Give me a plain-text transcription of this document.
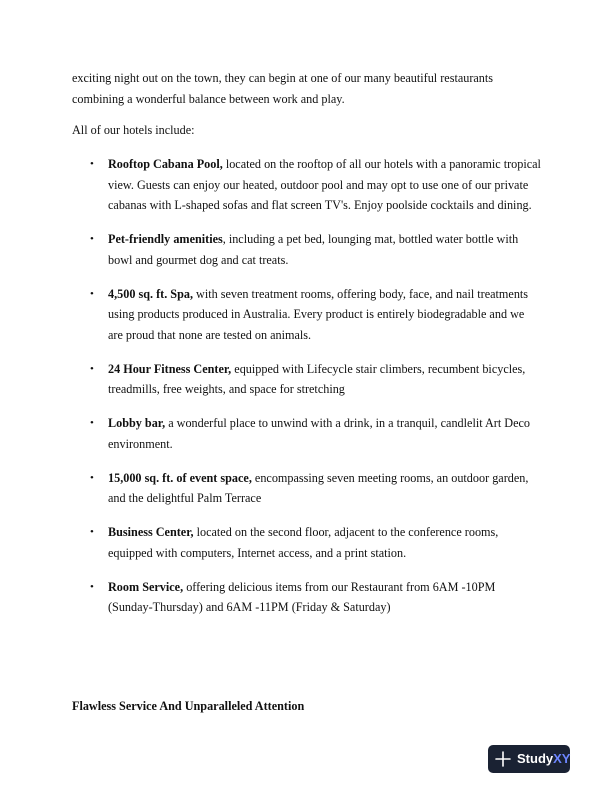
exciting night out on the town, they can begin at one of our many beautiful restaurants
combining a wonderful balance between work and play.

All of our hotels include:

•
Rooftop Cabana Pool, located on the rooftop of all our hotels with a panoramic tropical view. Guests can enjoy our heated, outdoor pool and may opt to use one of our private cabanas with L-shaped sofas and flat screen TV's. Enjoy poolside cocktails and dining.
•
Pet-friendly amenities, including a pet bed, lounging mat, bottled water bottle with bowl and gourmet dog and cat treats.
•
4,500 sq. ft. Spa, with seven treatment rooms, offering body, face, and nail treatments using products produced in Australia. Every product is entirely biodegradable and we are proud that none are tested on animals.
•
24 Hour Fitness Center, equipped with Lifecycle stair climbers, recumbent bicycles, treadmills, free weights, and space for stretching
•
Lobby bar, a wonderful place to unwind with a drink, in a tranquil, candlelit Art Deco environment.
•
15,000 sq. ft. of event space, encompassing seven meeting rooms, an outdoor garden, and the delightful Palm Terrace
•
Business Center, located on the second floor, adjacent to the conference rooms, equipped with computers, Internet access, and a print station.
•
Room Service, offering delicious items from our Restaurant from 6AM -10PM (Sunday-Thursday) and 6AM -11PM (Friday & Saturday)

Flawless Service And Unparalleled Attention

Study XY
